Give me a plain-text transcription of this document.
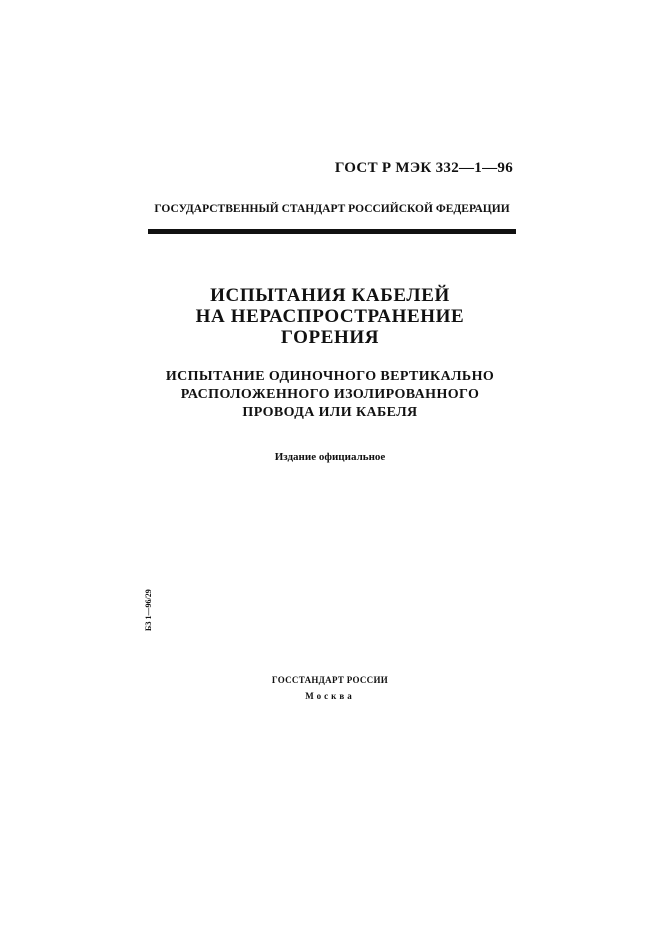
ГОСТ Р МЭК 332—1—96
ГОСУДАРСТВЕННЫЙ СТАНДАРТ РОССИЙСКОЙ ФЕДЕРАЦИИ
ИСПЫТАНИЯ КАБЕЛЕЙ
НА НЕРАСПРОСТРАНЕНИЕ
ГОРЕНИЯ
ИСПЫТАНИЕ ОДИНОЧНОГО ВЕРТИКАЛЬНО
РАСПОЛОЖЕННОГО ИЗОЛИРОВАННОГО
ПРОВОДА ИЛИ КАБЕЛЯ
Издание официальное
БЗ 1—96/29
ГОССТАНДАРТ РОССИИ
Москва
